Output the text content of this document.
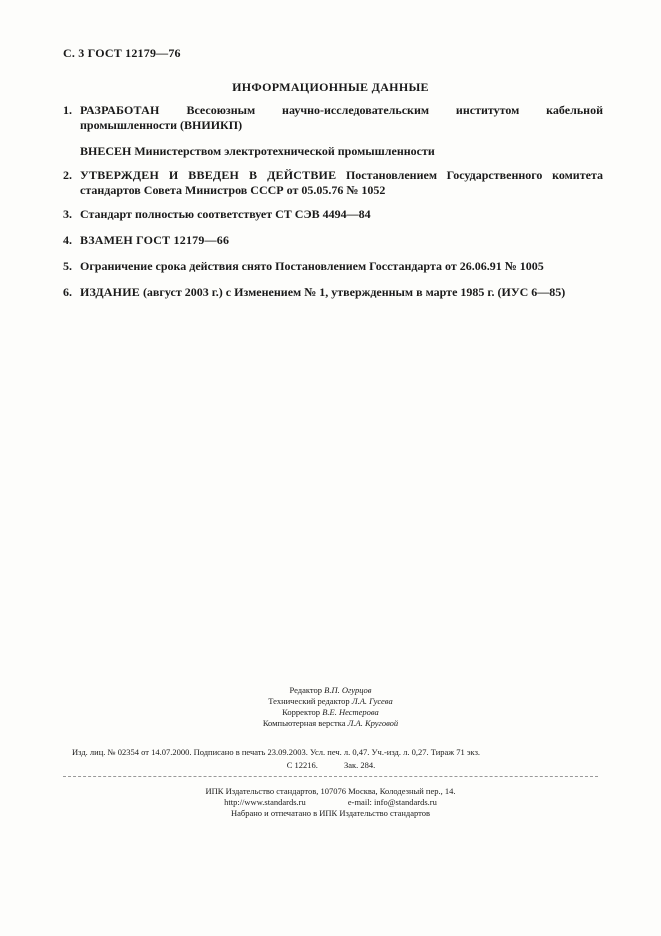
С. 3 ГОСТ 12179—76
ИНФОРМАЦИОННЫЕ ДАННЫЕ
1. РАЗРАБОТАН Всесоюзным научно-исследовательским институтом кабельной промышленности (ВНИИКП)
ВНЕСЕН Министерством электротехнической промышленности
2. УТВЕРЖДЕН И ВВЕДЕН В ДЕЙСТВИЕ Постановлением Государственного комитета стандартов Совета Министров СССР от 05.05.76 № 1052
3. Стандарт полностью соответствует СТ СЭВ 4494—84
4. ВЗАМЕН ГОСТ 12179—66
5. Ограничение срока действия снято Постановлением Госстандарта от 26.06.91 № 1005
6. ИЗДАНИЕ (август 2003 г.) с Изменением № 1, утвержденным в марте 1985 г. (ИУС 6—85)
Редактор В.П. Огурцов
Технический редактор Л.А. Гусева
Корректор В.Е. Нестерова
Компьютерная верстка Л.А. Круговой
Изд. лиц. № 02354 от 14.07.2000. Подписано в печать 23.09.2003. Усл. печ. л. 0,47. Уч.-изд. л. 0,27. Тираж 71 экз.
С 12216.	Зак. 284.
ИПК Издательство стандартов, 107076 Москва, Колодезный пер., 14.
http://www.standards.ru	e-mail: info@standards.ru
Набрано и отпечатано в ИПК Издательство стандартов
